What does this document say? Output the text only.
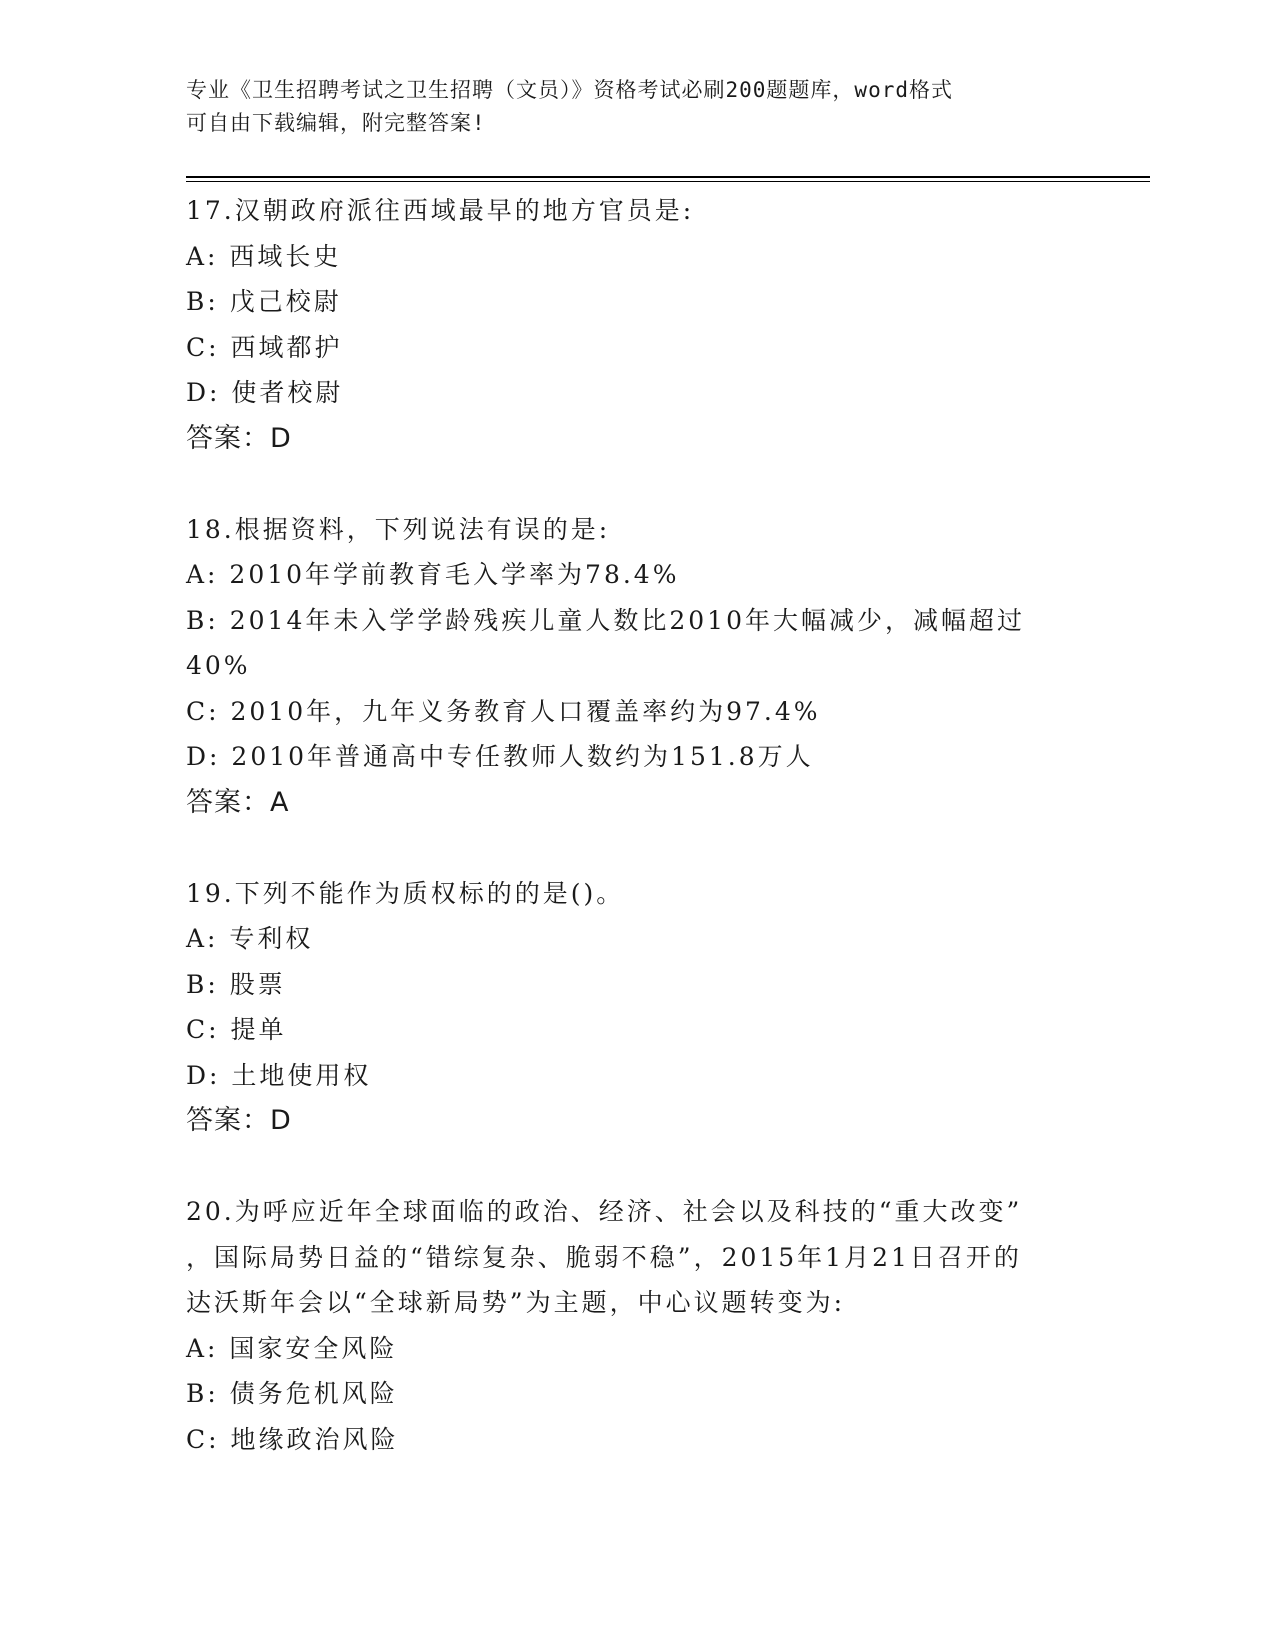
专业《卫生招聘考试之卫生招聘（文员）》资格考试必刷200题题库，word格式
可自由下载编辑，附完整答案!
17.汉朝政府派往西域最早的地方官员是:
A: 西域长史
B: 戊己校尉
C: 西域都护
D: 使者校尉
答案：D
18.根据资料，下列说法有误的是:
A: 2010年学前教育毛入学率为78.4%
B: 2014年未入学学龄残疾儿童人数比2010年大幅减少，减幅超过
40%
C: 2010年，九年义务教育人口覆盖率约为97.4%
D: 2010年普通高中专任教师人数约为151.8万人
答案：A
19.下列不能作为质权标的的是()。
A: 专利权
B: 股票
C: 提单
D: 土地使用权
答案：D
20.为呼应近年全球面临的政治、经济、社会以及科技的“重大改变”
，国际局势日益的“错综复杂、脆弱不稳”，2015年1月21日召开的
达沃斯年会以“全球新局势”为主题，中心议题转变为:
A: 国家安全风险
B: 债务危机风险
C: 地缘政治风险
